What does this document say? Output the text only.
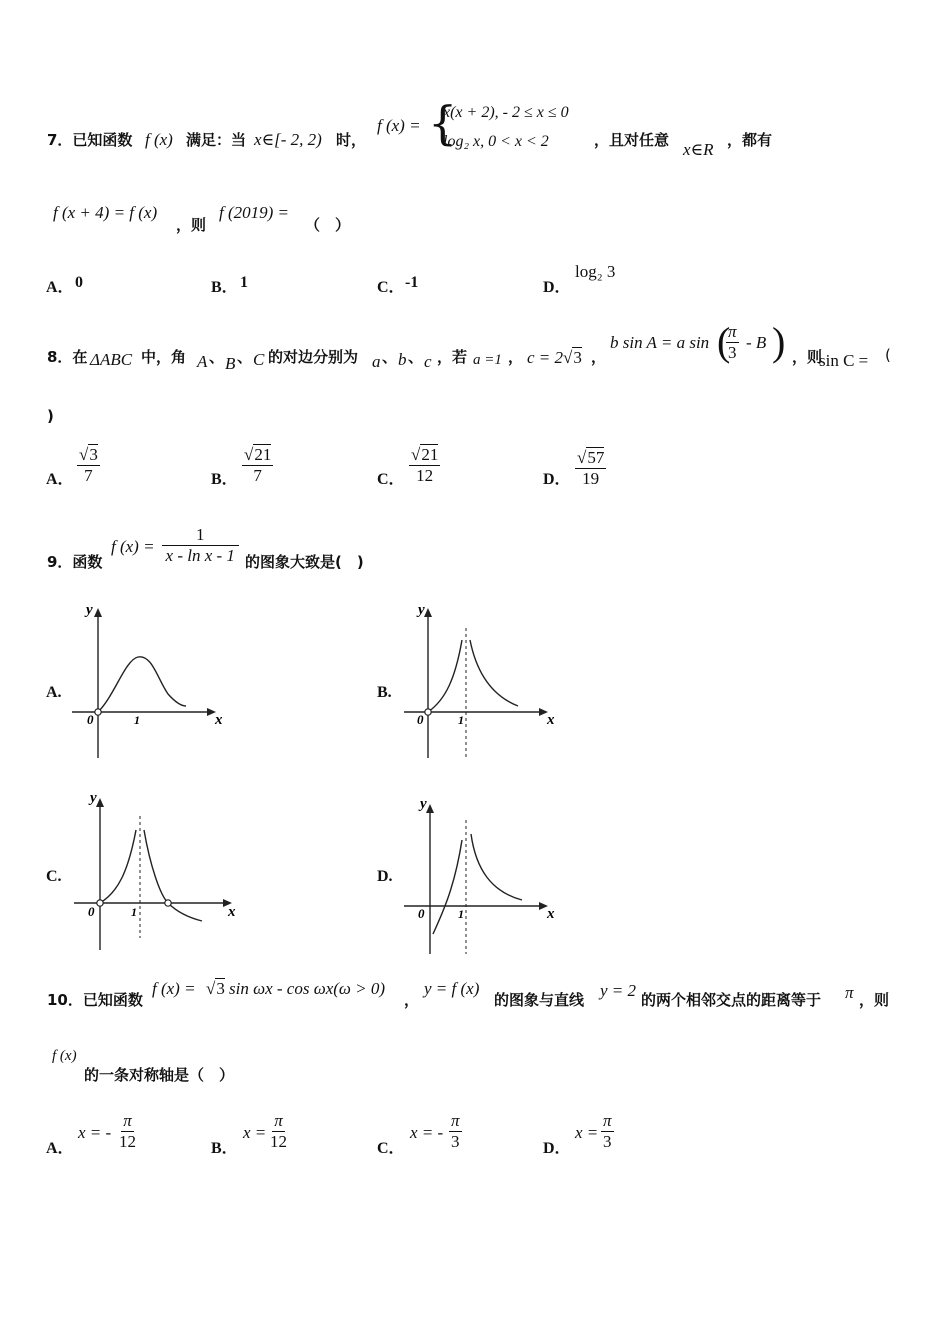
7．已知函数 f (x) 满足：当 x∈[- 2, 2) 时，
f (x) = {
x(x + 2), - 2 ≤ x ≤ 0
log₂ x, 0 < x < 2	，且对任意 x∈R ，都有
f (x + 4) = f (x)
，则
f (2019) =
（　）
A． 0	B． 1	C． -1	D．
log₂ 3
8．在 ΔABC 中，角 A 、 B 、 C 的对边分别为 a 、 b 、 c ，若 a =1 ， c = 2√3 ，
b sin A = a sin (
$\frac{\pi}{3}$ - B ) ，则
sin C = (
)
A． $\frac{√3}{7}$	B． $\frac{√21}{7}$	C． $\frac{√21}{12}$	D． $\frac{√57}{19}$
9．函数
f $(x) = \frac{1}{\text{x - ln x - 1}}$ 的图象大致是(　)
A.
y
x
0	1
B.
y
x
0	1
C.
y
x
0	1
D.
y
x
0	1
10．已知函数
f (x) = √3 sin ωx - cos ωx(ω > 0)
，
y = f (x)
的图象与直线 y = 2 的两个相邻交点的距离等于 π ，则
f (x)
的一条对称轴是（　）
A．
x = - $\frac{\pi}{12}$	B．
$x = \frac{\pi}{12}$	C．
x = - $\frac{\pi}{3}$	D．
$x = \frac{\pi}{3}$
